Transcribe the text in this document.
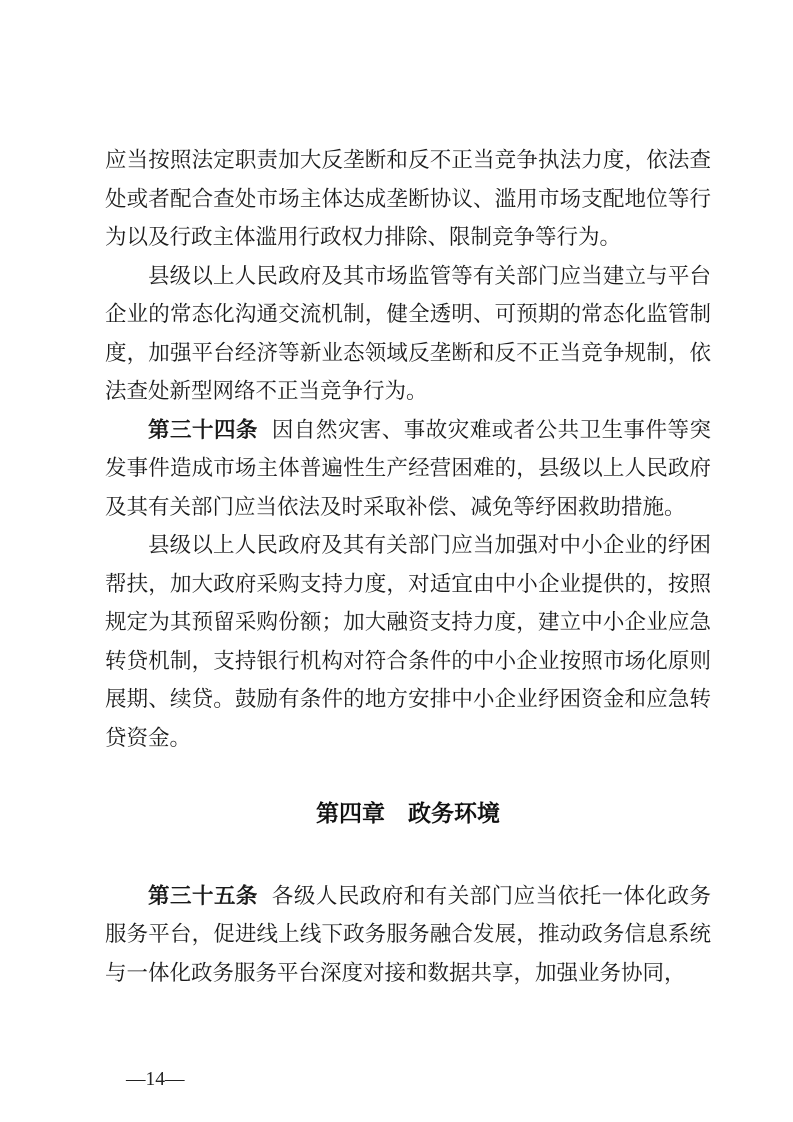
应当按照法定职责加大反垄断和反不正当竞争执法力度，依法查处或者配合查处市场主体达成垄断协议、滥用市场支配地位等行为以及行政主体滥用行政权力排除、限制竞争等行为。

县级以上人民政府及其市场监管等有关部门应当建立与平台企业的常态化沟通交流机制，健全透明、可预期的常态化监管制度，加强平台经济等新业态领域反垄断和反不正当竞争规制，依法查处新型网络不正当竞争行为。

第三十四条 因自然灾害、事故灾难或者公共卫生事件等突发事件造成市场主体普遍性生产经营困难的，县级以上人民政府及其有关部门应当依法及时采取补偿、减免等纾困救助措施。

县级以上人民政府及其有关部门应当加强对中小企业的纾困帮扶，加大政府采购支持力度，对适宜由中小企业提供的，按照规定为其预留采购份额；加大融资支持力度，建立中小企业应急转贷机制，支持银行机构对符合条件的中小企业按照市场化原则展期、续贷。鼓励有条件的地方安排中小企业纾困资金和应急转贷资金。

第四章　政务环境

第三十五条 各级人民政府和有关部门应当依托一体化政务服务平台，促进线上线下政务服务融合发展，推动政务信息系统与一体化政务服务平台深度对接和数据共享，加强业务协同，

—14—
